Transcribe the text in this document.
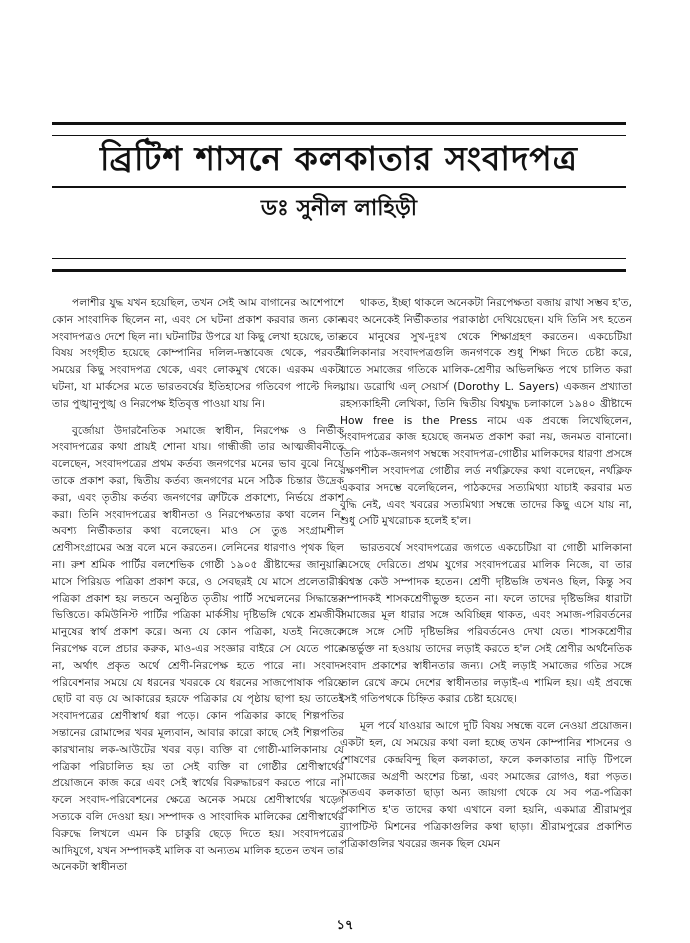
ব্রিটিশ শাসনে কলকাতার সংবাদপত্র
ডঃ সুনীল লাহিড়ী

পলাশীর যুদ্ধ যখন হয়েছিল, তখন সেই আম বাগানের আশেপাশে কোন সাংবাদিক ছিলেন না, এবং সে ঘটনা প্রকাশ করবার জন্য কোন সংবাদপত্রও দেশে ছিল না। ঘটনাটির উপরে যা কিছু লেখা হয়েছে, তার বিষয় সংগৃহীত হয়েছে কোম্পানির দলিল-দস্তাবেজ থেকে, পরবর্তী সময়ের কিছু সংবাদপত্র থেকে, এবং লোকমুখ থেকে। এরকম একটা ঘটনা, যা মার্কসের মতে ভারতবর্ষের ইতিহাসের গতিবেগ পাল্টে দিল, তার পুঙ্খানুপুঙ্খ ও নিরপেক্ষ ইতিবৃত্ত পাওয়া যায় নি।

বুর্জোয়া উদারনৈতিক সমাজে স্বাধীন, নিরপেক্ষ ও নির্ভীক সংবাদপত্রের কথা প্রায়ই শোনা যায়। গান্ধীজী তার আত্মজীবনীতে বলেছেন, সংবাদপত্রের প্রথম কর্তব্য জনগণের মনের ভাব বুঝে নিয়ে তাকে প্রকাশ করা, দ্বিতীয় কর্তব্য জনগণের মনে সঠিক চিন্তার উদ্রেক করা, এবং তৃতীয় কর্তব্য জনগণের ত্রুটিকে প্রকাশ্যে, নির্ভয়ে প্রকাশ করা। তিনি সংবাদপত্রের স্বাধীনতা ও নিরপেক্ষতার কথা বলেন নি, অবশ্য নির্ভীকতার কথা বলেছেন। মাও সে তুঙ সংগ্রামশীল শ্রেণীসংগ্রামের অস্ত্র বলে মনে করতেন। লেনিনের ধারণাও পৃথক ছিল না। রুশ শ্রমিক পার্টির বলশেভিক গোষ্ঠী ১৯০৫ খ্রীষ্টাব্দের জানুয়ারি মাসে পিরিয়ড পত্রিকা প্রকাশ করে, ও সেবছরই যে মাসে প্রলেতারীয় পত্রিকা প্রকাশ হয় লন্ডনে অনুষ্ঠিত তৃতীয় পার্টি সম্মেলনের সিদ্ধান্তের ভিত্তিতে। কমিউনিস্ট পার্টির পত্রিকা মার্কসীয় দৃষ্টিভঙ্গি থেকে শ্রমজীবী মানুষের স্বার্থ প্রকাশ করে। অন্য যে কোন পত্রিকা, যতই নিজেকে নিরপেক্ষ বলে প্রচার করুক, মাও-এর সংজ্ঞার বাইরে সে যেতে পারে না, অর্থাৎ প্রকৃত অর্থে শ্রেণী-নিরপেক্ষ হতে পারে না। সংবাদ-পরিবেশনার সময়ে যে ধরনের খবরকে যে ধরনের সাজপোষাক পরিয়ে ছোট বা বড় যে আকারের হরফে পত্রিকার যে পৃষ্ঠায় ছাপা হয় তাতেই সংবাদপত্রের শ্রেণীস্বার্থ ধরা পড়ে। কোন পত্রিকার কাছে শিল্পপতির সন্তানের রোমান্সের খবর মূল্যবান, আবার কারো কাছে সেই শিল্পপতির কারখানায় লক-আউটের খবর বড়। ব্যক্তি বা গোষ্ঠী-মালিকানায় যে পত্রিকা পরিচালিত হয় তা সেই ব্যক্তি বা গোষ্ঠীর শ্রেণীস্বার্থের প্রয়োজনে কাজ করে এবং সেই স্বার্থের বিরুদ্ধাচরণ করতে পারে না। ফলে সংবাদ-পরিবেশনের ক্ষেত্রে অনেক সময়ে শ্রেণীস্বার্থের খড়্গে সত্যকে বলি দেওয়া হয়। সম্পাদক ও সাংবাদিক মালিকের শ্রেণীস্বার্থের বিরুদ্ধে লিখলে এমন কি চাকুরি ছেড়ে দিতে হয়। সংবাদপত্রের আদিযুগে, যখন সম্পাদকই মালিক বা অন্যতম মালিক হতেন তখন তার অনেকটা স্বাধীনতা

থাকত, ইচ্ছা থাকলে অনেকটা নিরপেক্ষতা বজায় রাখা সম্ভব হ'ত, এবং অনেকেই নির্ভীকতার পরাকাষ্ঠা দেখিয়েছেন। যদি তিনি সৎ হতেন তবে মানুষের সুখ-দুঃখ থেকে শিক্ষাগ্রহণ করতেন। একচেটিয়া মালিকানার সংবাদপত্রগুলি জনগণকে শুধু শিক্ষা দিতে চেষ্টা করে, যাতে সমাজের গতিকে মালিক-শ্রেণীর অভিলক্ষিত পথে চালিত করা যায়। ডরোথি এল্‌ সেয়ার্স (Dorothy L. Sayers) একজন প্রখ্যাতা রহস্যকাহিনী লেখিকা, তিনি দ্বিতীয় বিশ্বযুদ্ধ চলাকালে ১৯৪০ খ্রীষ্টাব্দে How free is the Press নামে এক প্রবন্ধে লিখেছিলেন, সংবাদপত্রের কাজ হয়েছে জনমত প্রকাশ করা নয়, জনমত বানানো। তিনি পাঠক-জনগণ সম্বন্ধে সংবাদপত্র-গোষ্ঠীর মালিকদের ধারণা প্রসঙ্গে রক্ষণশীল সংবাদপত্র গোষ্ঠীর লর্ড নর্থক্লিফের কথা বলেছেন, নর্থক্লিফ একবার সদম্ভে বলেছিলেন, পাঠকদের সত্যমিথ্যা যাচাই করবার মত বুদ্ধি নেই, এবং খবরের সত্যমিথ্যা সম্বন্ধে তাদের কিছু এসে যায় না, শুধু সেটি মুখরোচক হলেই হ'ল।

ভারতবর্ষে সংবাদপত্রের জগতে একচেটিয়া বা গোষ্ঠী মালিকানা এসেছে দেরিতে। প্রথম যুগের সংবাদপত্রের মালিক নিজে, বা তার বিশ্বস্ত কেউ সম্পাদক হতেন। শ্রেণী দৃষ্টিভঙ্গি তখনও ছিল, কিন্তু সব সম্পাদকই শাসকশ্রেণীভুক্ত হতেন না। ফলে তাদের দৃষ্টিভঙ্গির ধারাটা সমাজের মূল ধারার সঙ্গে অবিচ্ছিন্ন থাকত, এবং সমাজ-পরিবর্তনের সঙ্গে সঙ্গে সেটি দৃষ্টিভঙ্গির পরিবর্তনেও দেখা যেত। শাসকশ্রেণীর অন্তর্ভুক্ত না হওয়ায় তাদের লড়াই করতে হ'ল সেই শ্রেণীর অর্থনৈতিক সংবাদ প্রকাশের স্বাধীনতার জন্য। সেই লড়াই সমাজের গতির সঙ্গে তাল রেখে ক্রমে দেশের স্বাধীনতার লড়াই-এ শামিল হয়। এই প্রবন্ধে সেই গতিপথকে চিহ্নিত করার চেষ্টা হয়েছে।

মূল পর্বে যাওয়ার আগে দুটি বিষয় সম্বন্ধে বলে নেওয়া প্রয়োজন। একটা হল, যে সময়ের কথা বলা হচ্ছে তখন কোম্পানির শাসনের ও শোষণের কেন্দ্রবিন্দু ছিল কলকাতা, ফলে কলকাতার নাড়ি টিপলে সমাজের অগ্রণী অংশের চিন্তা, এবং সমাজের রোগও, ধরা পড়ত। অতএব কলকাতা ছাড়া অন্য জায়গা থেকে যে সব পত্র-পত্রিকা প্রকাশিত হ'ত তাদের কথা এখানে বলা হয়নি, একমাত্র শ্রীরামপুর ব্যাপটিস্ট মিশনের পত্রিকাগুলির কথা ছাড়া। শ্রীরামপুরের প্রকাশিত পত্রিকাগুলির খবরের জনক ছিল যেমন

১৭
